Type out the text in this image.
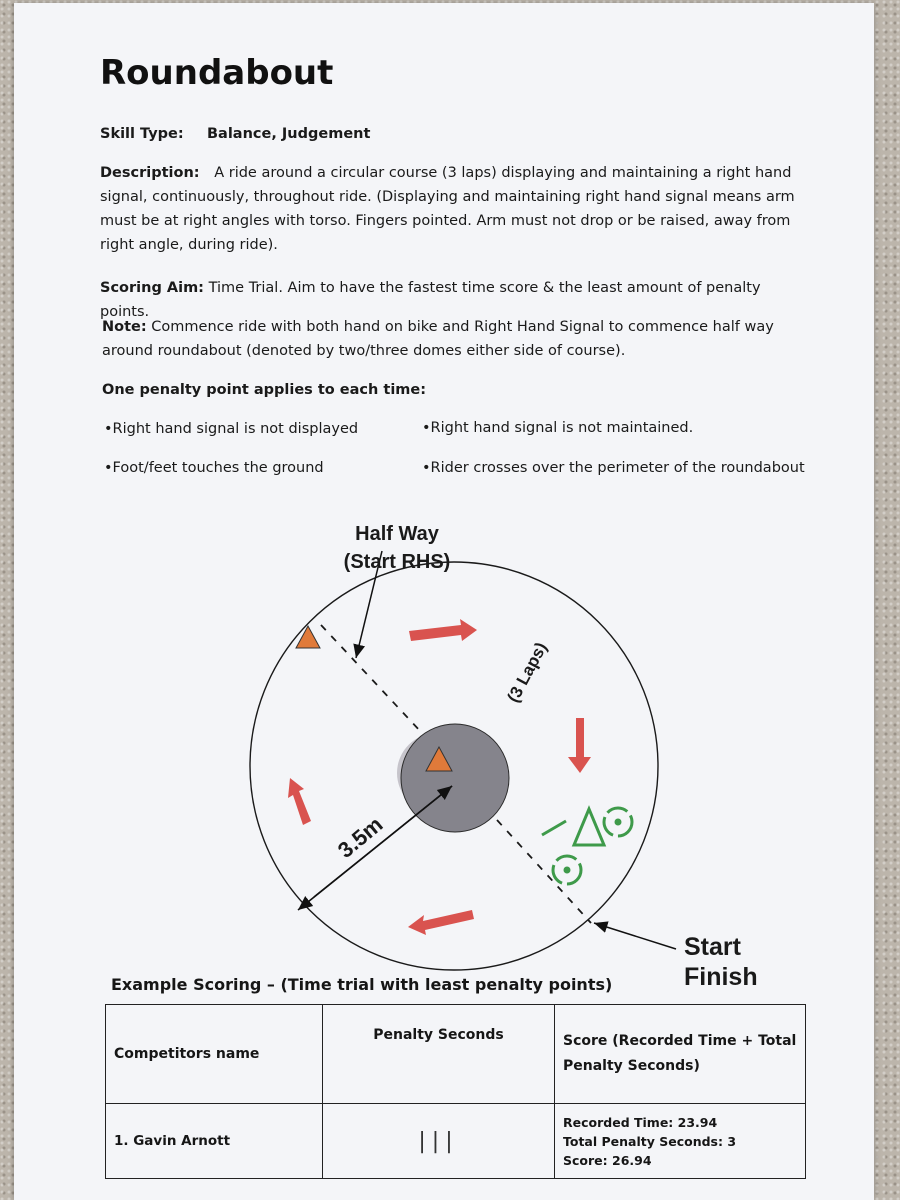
Roundabout
Skill Type: Balance, Judgement
Description: A ride around a circular course (3 laps) displaying and maintaining a right hand signal, continuously, throughout ride. (Displaying and maintaining right hand signal means arm must be at right angles with torso. Fingers pointed. Arm must not drop or be raised, away from right angle, during ride).
Scoring Aim: Time Trial. Aim to have the fastest time score & the least amount of penalty points.
Note: Commence ride with both hand on bike and Right Hand Signal to commence half way around roundabout (denoted by two/three domes either side of course).
One penalty point applies to each time:
•Right hand signal is not displayed	•Right hand signal is not maintained.
•Foot/feet touches the ground	•Rider crosses over the perimeter of the roundabout
Half Way
(Start RHS)
(3 Laps)
3.5m
Start
Finish
Example Scoring – (Time trial with least penalty points)
Competitors name	Penalty Seconds	Score (Recorded Time + Total Penalty Seconds)
1. Gavin Arnott	|||	Recorded Time: 23.94
Total Penalty Seconds: 3
Score: 26.94
